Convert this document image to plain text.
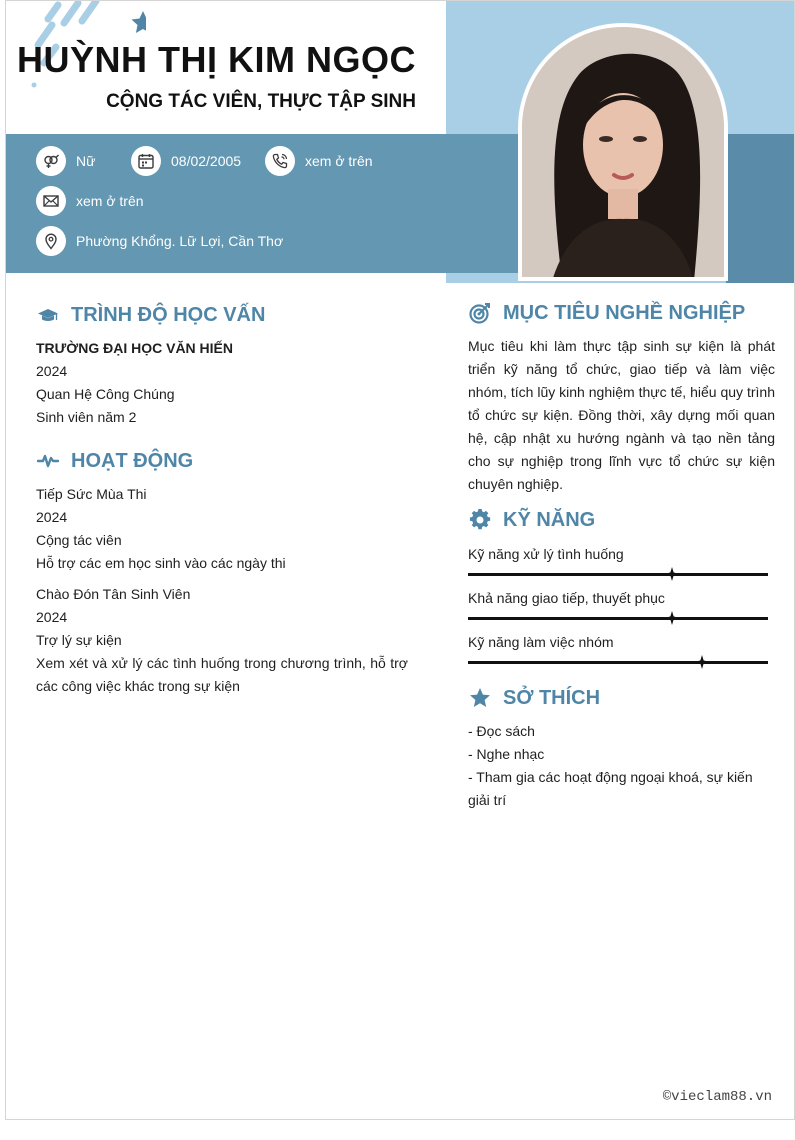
HUỲNH THỊ KIM NGỌC
CỘNG TÁC VIÊN, THỰC TẬP SINH
Nữ	08/02/2005	xem ở trên
xem ở trên
Phường Khổng. Lữ Lợi, Cần Thơ
TRÌNH ĐỘ HỌC VẤN
TRƯỜNG ĐẠI HỌC VĂN HIẾN
2024
Quan Hệ Công Chúng
Sinh viên năm 2
HOẠT ĐỘNG
Tiếp Sức Mùa Thi
2024
Cộng tác viên
Hỗ trợ các em học sinh vào các ngày thi
Chào Đón Tân Sinh Viên
2024
Trợ lý sự kiện
Xem xét và xử lý các tình huống trong chương trình, hỗ trợ các công việc khác trong sự kiện
MỤC TIÊU NGHỀ NGHIỆP
Mục tiêu khi làm thực tập sinh sự kiện là phát triển kỹ năng tổ chức, giao tiếp và làm việc nhóm, tích lũy kinh nghiệm thực tế, hiểu quy trình tổ chức sự kiện. Đồng thời, xây dựng mối quan hệ, cập nhật xu hướng ngành và tạo nền tảng cho sự nghiệp trong lĩnh vực tổ chức sự kiện chuyên nghiệp.
KỸ NĂNG
Kỹ năng xử lý tình huống
Khả năng giao tiếp, thuyết phục
Kỹ năng làm việc nhóm
SỞ THÍCH
- Đọc sách
- Nghe nhạc
- Tham gia các hoạt động ngoại khoá, sự kiến giải trí
©vieclam88.vn
